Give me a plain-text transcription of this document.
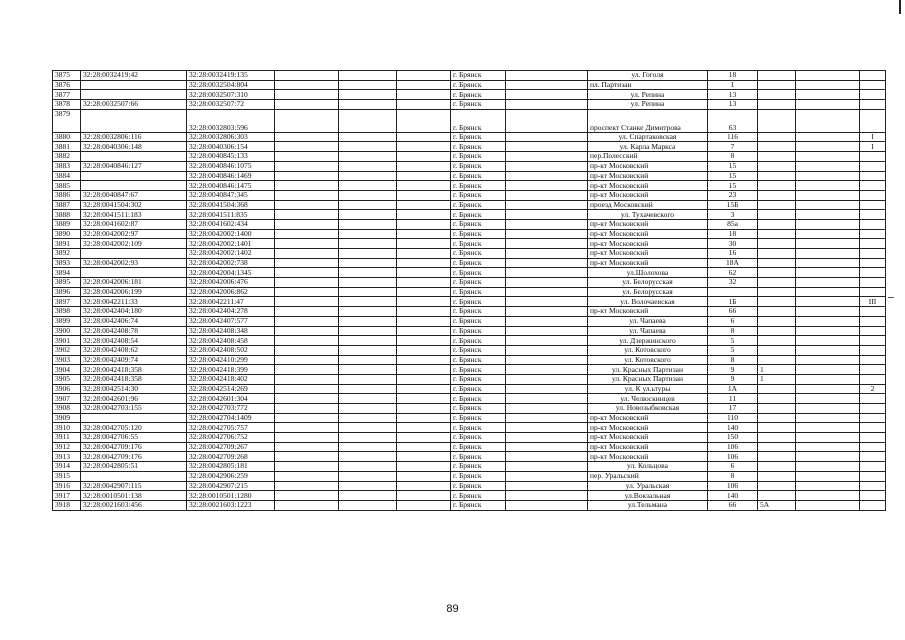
3875	32:28:0032419:42	32:28:0032419:135				г. Брянск		ул. Гоголя	18			
3876		32:28:0032504:804				г. Брянск		пл. Партизан	1			
3877		32:28:0032507:310				г. Брянск		ул. Репина	13			
3878	32:28:0032507:66	32:28:0032507:72				г. Брянск		ул. Репина	13			
3879		32:28:0032803:596				г. Брянск		проспект Станке Димитрова	63			
3880	32:28:0032806:116	32:28:0032806:303				г. Брянск		ул. Спартаковская	116			I
3881	32:28:0040306:148	32:28:0040306:154				г. Брянск		ул. Карла Маркса	7			I
3882		32:28:0040845:133				г. Брянск		пер.Полесский	8			
3883	32:28:0040846:127	32:28:0040846:1075				г. Брянск		пр-кт Московский	15			
3884		32:28:0040846:1469				г. Брянск		пр-кт Московский	15			
3885		32:28:0040846:1475				г. Брянск		пр-кт Московский	15			
3886	32:28:0040847:67	32:28:0040847:345				г. Брянск		пр-кт Московский	23			
3887	32:28:0041504:302	32:28:0041504:368				г. Брянск		проезд Московский	15Б			
3888	32:28:0041511:183	32:28:0041511:835				г. Брянск		ул. Тухачевского	3			
3889	32:28:0041602:87	32:28:0041602:434				г. Брянск		пр-кт Московский	85а			
3890	32:28:0042002:97	32:28:0042002:1400				г. Брянск		пр-кт Московский	18			
3891	32:28:0042002:109	32:28:0042002:1401				г. Брянск		пр-кт Московский	30			
3892		32:28:0042002:1402				г. Брянск		пр-кт Московский	16			
3893	32:28:0042002:93	32:28:0042002:738				г. Брянск		пр-кт Московский	18А			
3894		32:28:0042004:1345				г. Брянск		ул.Шолохова	62			
3895	32:28:0042006:181	32:28:0042006:476				г. Брянск		ул. Белорусская	32			
3896	32:28:0042006:199	32:28:0042006:862				г. Брянск		ул. Белорусская				
3897	32:28:0042211:33	32:28:0042211:47				г. Брянск		ул. Волочаевская	1Б			III
3898	32:28:0042404:180	32:28:0042404:278				г. Брянск		пр-кт Московский	66			
3899	32:28:0042406:74	32:28:0042407:577				г. Брянск		ул. Чапаева	6			
3900	32:28:0042408:78	32:28:0042408:348				г. Брянск		ул. Чапаева	8			
3901	32:28:0042408:54	32:28:0042408:458				г. Брянск		ул. Дзержинского	5			
3902	32:28:0042408:62	32:28:0042408:502				г. Брянск		ул. Котовского	5			
3903	32:28:0042409:74	32:28:0042410:299				г. Брянск		ул. Котовского	8			
3904	32:28:0042418:358	32:28:0042418:399				г. Брянск		ул. Красных Партизан	9	1		
3905	32:28:0042418:358	32:28:0042418:402				г. Брянск		ул. Красных Партизан	9	1		
3906	32:28:0042514:30	32:28:0042514:269				г. Брянск		ул. К ул.ьтуры	1А			2
3907	32:28:0042601:96	32:28:0042601:304				г. Брянск		ул. Челюскинцев	11			
3908	32:28:0042703:155	32:28:0042703:772				г. Брянск		ул. Новозыбковская	17			
3909		32:28:0042704:1409				г. Брянск		пр-кт Московский	110			
3910	32:28:0042705:120	32:28:0042705:757				г. Брянск		пр-кт Московский	140			
3911	32:28:0042706:55	32:28:0042706:752				г. Брянск		пр-кт Московский	150			
3912	32:28:0042709:176	32:28:0042709:267				г. Брянск		пр-кт Московский	106			
3913	32:28:0042709:176	32:28:0042709:268				г. Брянск		пр-кт Московский	106			
3914	32:28:0042805:51	32:28:0042805:181				г. Брянск		ул. Кольцова	6			
3915		32:28:0042906:259				г. Брянск		пер. Уральский	8			
3916	32:28:0042907:115	32:28:0042907:215				г. Брянск		ул. Уральская	106			
3917	32:28:0010501:138	32:28:0010501:1280				г. Брянск		ул.Вокзальная	140			
3918	32:28:0021603:456	32:28:0021603:1223				г. Брянск		ул.Тельмана	66	5А		
89
